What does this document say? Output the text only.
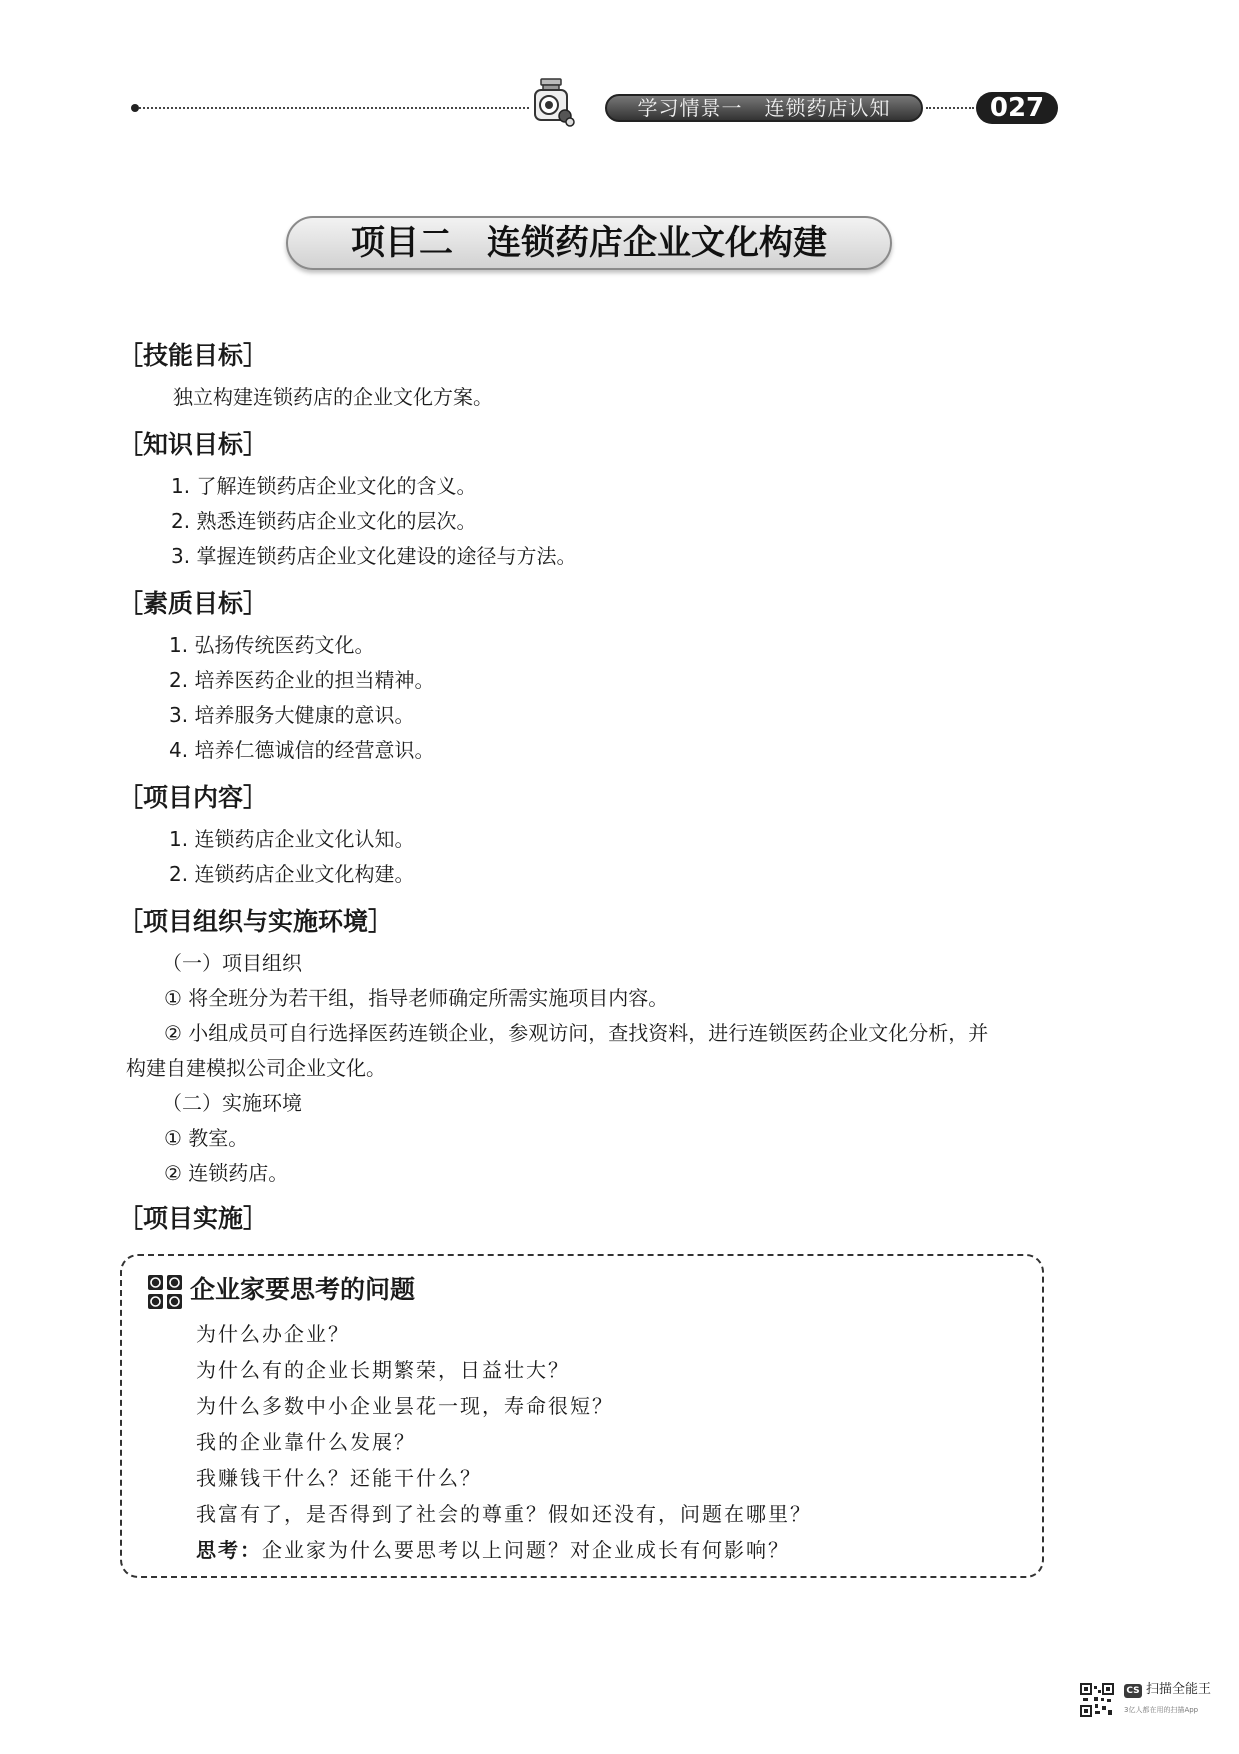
学习情景一 连锁药店认知	027
项目二 连锁药店企业文化构建
［技能目标］
独立构建连锁药店的企业文化方案。
［知识目标］
1. 了解连锁药店企业文化的含义。
2. 熟悉连锁药店企业文化的层次。
3. 掌握连锁药店企业文化建设的途径与方法。
［素质目标］
1. 弘扬传统医药文化。
2. 培养医药企业的担当精神。
3. 培养服务大健康的意识。
4. 培养仁德诚信的经营意识。
［项目内容］
1. 连锁药店企业文化认知。
2. 连锁药店企业文化构建。
［项目组织与实施环境］
（一）项目组织
① 将全班分为若干组，指导老师确定所需实施项目内容。
② 小组成员可自行选择医药连锁企业，参观访问，查找资料，进行连锁医药企业文化分析，并
构建自建模拟公司企业文化。
（二）实施环境
① 教室。
② 连锁药店。
［项目实施］
企业家要思考的问题
为什么办企业？
为什么有的企业长期繁荣，日益壮大？
为什么多数中小企业昙花一现，寿命很短？
我的企业靠什么发展？
我赚钱干什么？还能干什么？
我富有了，是否得到了社会的尊重？假如还没有，问题在哪里？
思考：企业家为什么要思考以上问题？对企业成长有何影响？
CS 扫描全能王
3亿人都在用的扫描App
